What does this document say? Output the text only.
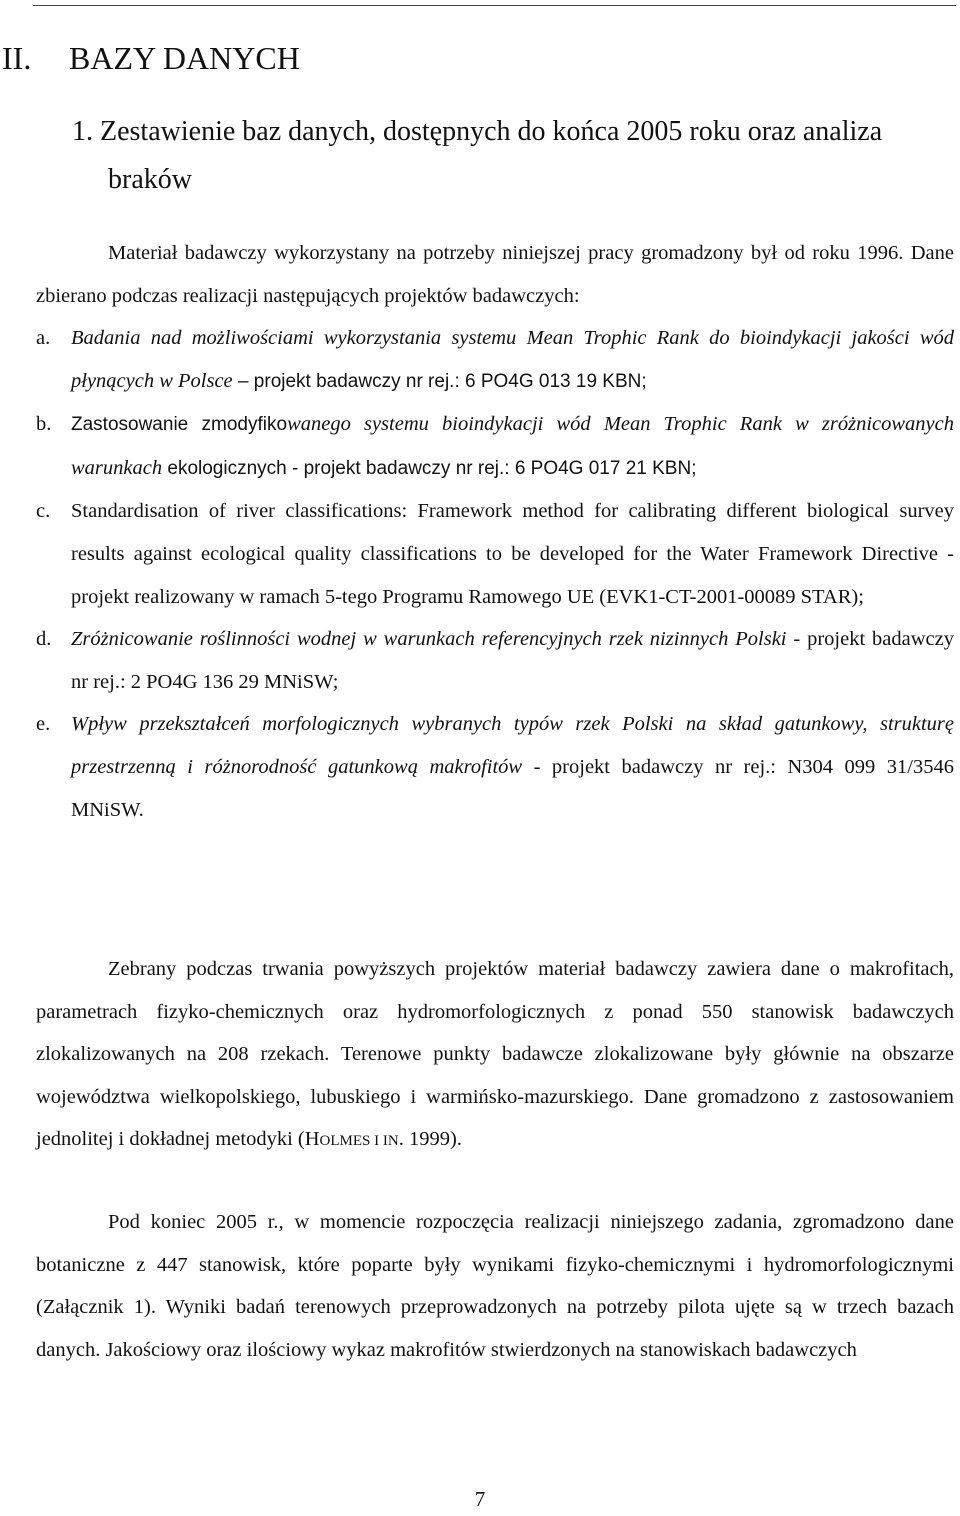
II. BAZY DANYCH
1. Zestawienie baz danych, dostępnych do końca 2005 roku oraz analiza
braków

Materiał badawczy wykorzystany na potrzeby niniejszej pracy gromadzony był od roku 1996. Dane zbierano podczas realizacji następujących projektów badawczych:

a. Badania nad możliwościami wykorzystania systemu Mean Trophic Rank do bioindykacji jakości wód płynących w Polsce – projekt badawczy nr rej.: 6 PO4G 013 19 KBN;
b. Zastosowanie zmodyfikowanego systemu bioindykacji wód Mean Trophic Rank w zróżnicowanych warunkach ekologicznych - projekt badawczy nr rej.: 6 PO4G 017 21 KBN;
c. Standardisation of river classifications: Framework method for calibrating different biological survey results against ecological quality classifications to be developed for the Water Framework Directive - projekt realizowany w ramach 5-tego Programu Ramowego UE (EVK1-CT-2001-00089 STAR);
d. Zróżnicowanie roślinności wodnej w warunkach referencyjnych rzek nizinnych Polski - projekt badawczy nr rej.: 2 PO4G 136 29 MNiSW;
e. Wpływ przekształceń morfologicznych wybranych typów rzek Polski na skład gatunkowy, strukturę przestrzenną i różnorodność gatunkową makrofitów - projekt badawczy nr rej.: N304 099 31/3546 MNiSW.

Zebrany podczas trwania powyższych projektów materiał badawczy zawiera dane o makrofitach, parametrach fizyko-chemicznych oraz hydromorfologicznych z ponad 550 stanowisk badawczych zlokalizowanych na 208 rzekach. Terenowe punkty badawcze zlokalizowane były głównie na obszarze województwa wielkopolskiego, lubuskiego i warmińsko-mazurskiego. Dane gromadzono z zastosowaniem jednolitej i dokładnej metodyki (HOLMES I IN. 1999).

Pod koniec 2005 r., w momencie rozpoczęcia realizacji niniejszego zadania, zgromadzono dane botaniczne z 447 stanowisk, które poparte były wynikami fizyko-chemicznymi i hydromorfologicznymi (Załącznik 1). Wyniki badań terenowych przeprowadzonych na potrzeby pilota ujęte są w trzech bazach danych. Jakościowy oraz ilościowy wykaz makrofitów stwierdzonych na stanowiskach badawczych

7
